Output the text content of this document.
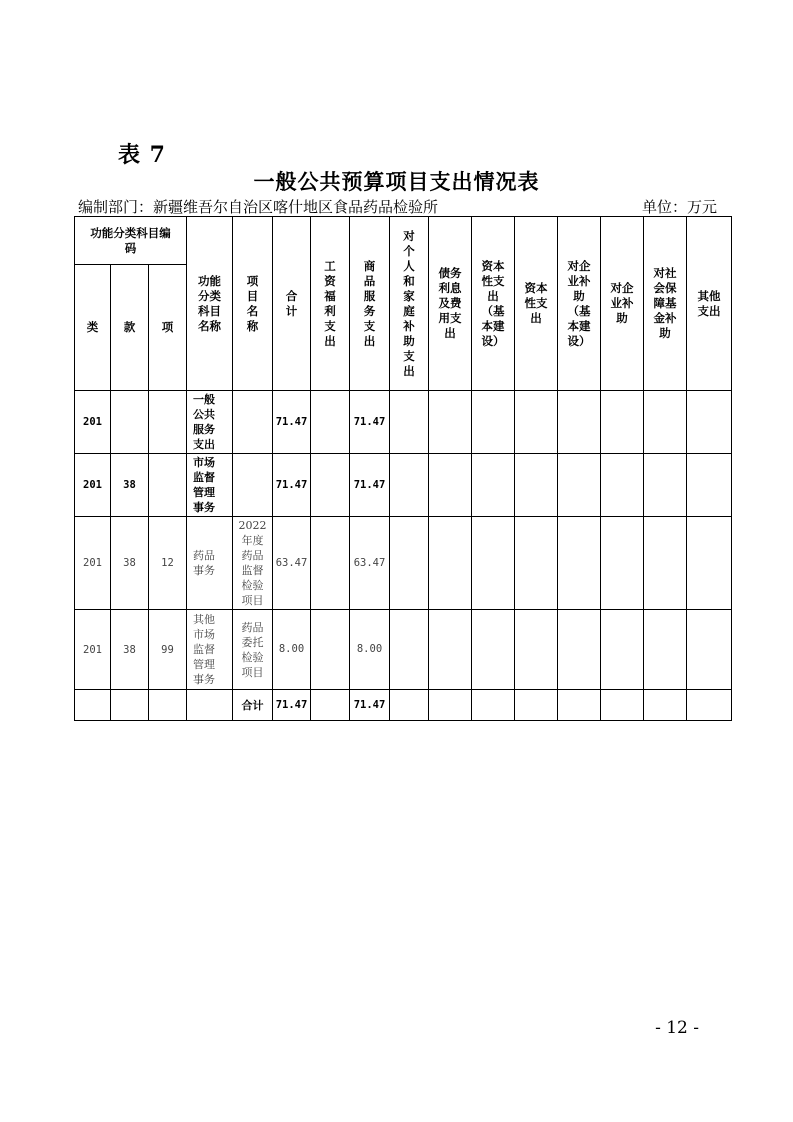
表 7
一般公共预算项目支出情况表
编制部门：新疆维吾尔自治区喀什地区食品药品检验所	单位：万元
功能分类科目编码			功能分类科目名称	项目名称	合计	工资福利支出	商品服务支出	对个人和家庭补助支出	债务利息及费用支出	资本性支出（基本建设）	资本性支出	对企业补助（基本建设）	对企业补助	对社会保障基金补助	其他支出
类	款	项													
201			一般公共服务支出		71.47		71.47								

201	38		市场监督管理事务		71.47		71.47								

201	38	12	药品事务	2022年度药品监督检验项目	63.47		63.47								

201	38	99	其他市场监督管理事务	药品委托检验项目	8.00		8.00								

				合计	71.47		71.47								

- 12 -
